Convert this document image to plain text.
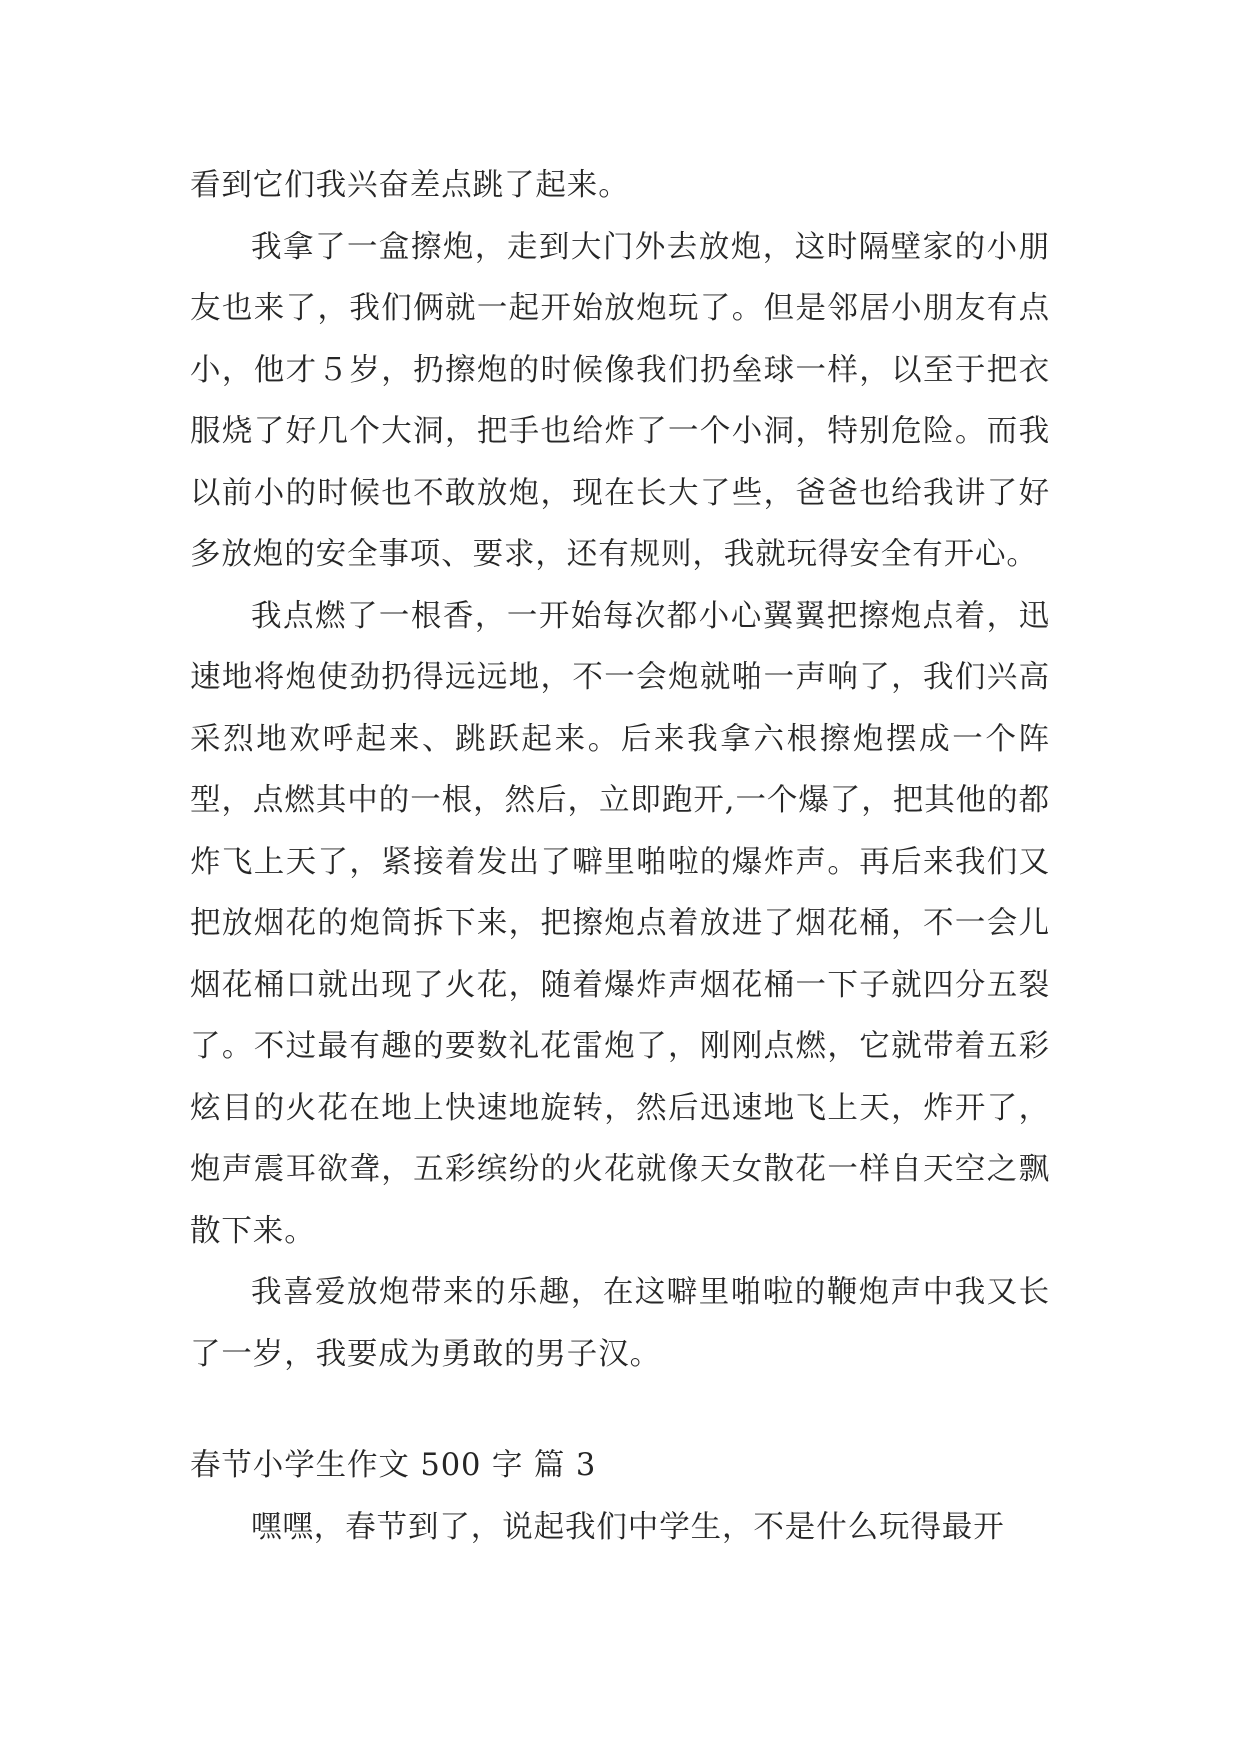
看到它们我兴奋差点跳了起来。

我拿了一盒擦炮，走到大门外去放炮，这时隔壁家的小朋友也来了，我们俩就一起开始放炮玩了。但是邻居小朋友有点小，他才５岁，扔擦炮的时候像我们扔垒球一样，以至于把衣服烧了好几个大洞，把手也给炸了一个小洞，特别危险。而我以前小的时候也不敢放炮，现在长大了些，爸爸也给我讲了好多放炮的安全事项、要求，还有规则，我就玩得安全有开心。

我点燃了一根香，一开始每次都小心翼翼把擦炮点着，迅速地将炮使劲扔得远远地，不一会炮就啪一声响了，我们兴高采烈地欢呼起来、跳跃起来。后来我拿六根擦炮摆成一个阵型，点燃其中的一根，然后，立即跑开,一个爆了，把其他的都炸飞上天了，紧接着发出了噼里啪啦的爆炸声。再后来我们又把放烟花的炮筒拆下来，把擦炮点着放进了烟花桶，不一会儿烟花桶口就出现了火花，随着爆炸声烟花桶一下子就四分五裂了。不过最有趣的要数礼花雷炮了，刚刚点燃，它就带着五彩炫目的火花在地上快速地旋转，然后迅速地飞上天，炸开了，炮声震耳欲聋，五彩缤纷的火花就像天女散花一样自天空之飘散下来。

我喜爱放炮带来的乐趣，在这噼里啪啦的鞭炮声中我又长了一岁，我要成为勇敢的男子汉。

春节小学生作文 500 字 篇 3

嘿嘿，春节到了，说起我们中学生，不是什么玩得最开
